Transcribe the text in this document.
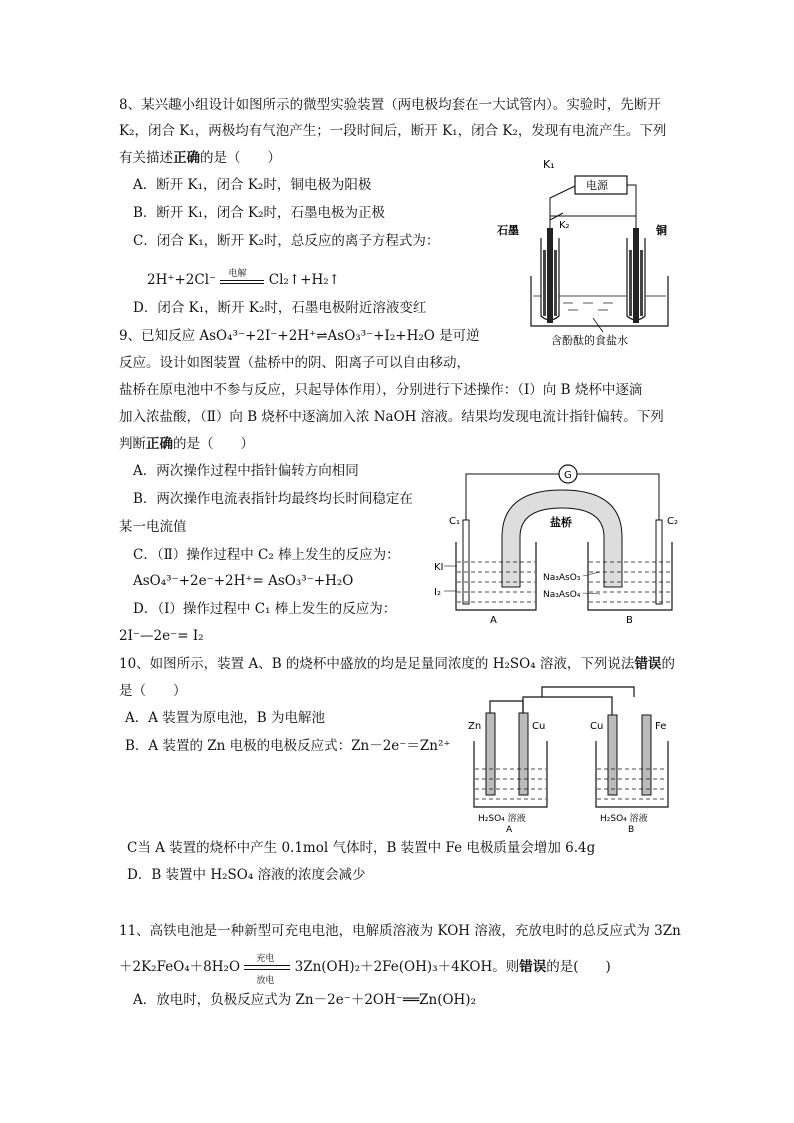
8、某兴趣小组设计如图所示的微型实验装置（两电极均套在一大试管内）。实验时，先断开
K₂，闭合 K₁，两极均有气泡产生；一段时间后，断开 K₁，闭合 K₂，发现有电流产生。下列
有关描述正确的是（　　）
A．断开 K₁，闭合 K₂时，铜电极为阳极
B．断开 K₁，闭合 K₂时，石墨电极为正极
C．闭合 K₁，断开 K₂时，总反应的离子方程式为：
2H⁺+2Cl⁻ 电解 Cl₂↑+H₂↑
D．闭合 K₁，断开 K₂时，石墨电极附近溶液变红
K₁
电源
K₂
石墨	铜
含酚酞的食盐水
9、已知反应 AsO₄³⁻+2I⁻+2H⁺⇌AsO₃³⁻+I₂+H₂O 是可逆
反应。设计如图装置（盐桥中的阴、阳离子可以自由移动，
盐桥在原电池中不参与反应，只起导体作用），分别进行下述操作：（Ⅰ）向 B 烧杯中逐滴
加入浓盐酸，（Ⅱ）向 B 烧杯中逐滴加入浓 NaOH 溶液。结果均发现电流计指针偏转。下列
判断正确的是（　　）
A．两次操作过程中指针偏转方向相同
B．两次操作电流表指针均最终均长时间稳定在
某一电流值
C．（Ⅱ）操作过程中 C₂ 棒上发生的反应为：
AsO₄³⁻+2e⁻+2H⁺= AsO₃³⁻+H₂O
D．（Ⅰ）操作过程中 C₁ 棒上发生的反应为：
2I⁻—2e⁻= I₂
G
盐桥
C₁	C₂
KI
I₂
Na₃AsO₃
Na₃AsO₄
A	B
10、如图所示，装置 A、B 的烧杯中盛放的均是足量同浓度的 H₂SO₄ 溶液，下列说法错误的
是（　　）
A．A 装置为原电池，B 为电解池
B．A 装置的 Zn 电极的电极反应式：Zn－2e⁻＝Zn²⁺
C当 A 装置的烧杯中产生 0.1mol 气体时，B 装置中 Fe 电极质量会增加 6.4g
D．B 装置中 H₂SO₄ 溶液的浓度会减少
Zn	Cu	Cu	Fe
H₂SO₄ 溶液
A
H₂SO₄ 溶液
B
11、高铁电池是一种新型可充电电池，电解质溶液为 KOH 溶液，充放电时的总反应式为 3Zn
＋2K₂FeO₄＋8H₂O
充电
放电
3Zn(OH)₂＋2Fe(OH)₃＋4KOH。则错误的是(　　)
A．放电时，负极反应式为 Zn－2e⁻＋2OH⁻══Zn(OH)₂
